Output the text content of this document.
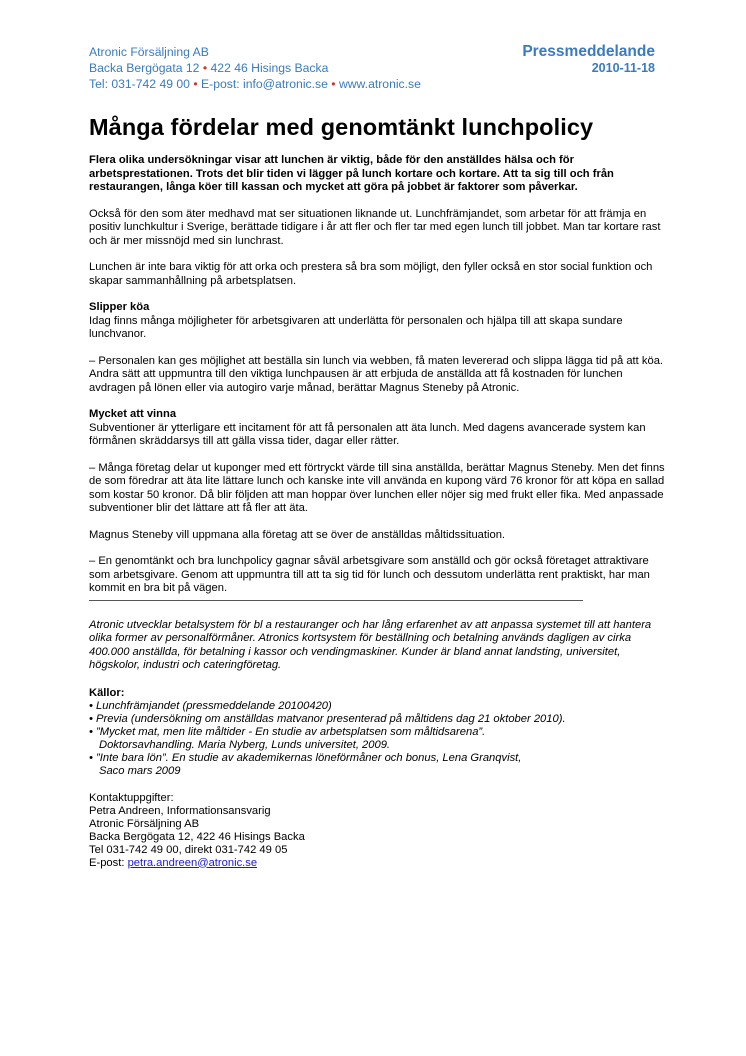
Atronic Försäljning AB
Backa Bergögata 12 • 422 46 Hisings Backa
Tel: 031-742 49 00 • E-post: info@atronic.se • www.atronic.se
Pressmeddelande
2010-11-18
Många fördelar med genomtänkt lunchpolicy
Flera olika undersökningar visar att lunchen är viktig, både för den anställdes hälsa och för arbetsprestationen. Trots det blir tiden vi lägger på lunch kortare och kortare. Att ta sig till och från restaurangen, långa köer till kassan och mycket att göra på jobbet är faktorer som påverkar.

Också för den som äter medhavd mat ser situationen liknande ut. Lunchfrämjandet, som arbetar för att främja en positiv lunchkultur i Sverige, berättade tidigare i år att fler och fler tar med egen lunch till jobbet. Man tar kortare rast och är mer missnöjd med sin lunchrast.

Lunchen är inte bara viktig för att orka och prestera så bra som möjligt, den fyller också en stor social funktion och skapar sammanhållning på arbetsplatsen.

Slipper köa

Idag finns många möjligheter för arbetsgivaren att underlätta för personalen och hjälpa till att skapa sundare lunchvanor.

– Personalen kan ges möjlighet att beställa sin lunch via webben, få maten levererad och slippa lägga tid på att köa. Andra sätt att uppmuntra till den viktiga lunchpausen är att erbjuda de anställda att få kostnaden för lunchen avdragen på lönen eller via autogiro varje månad, berättar Magnus Steneby på Atronic.

Mycket att vinna

Subventioner är ytterligare ett incitament för att få personalen att äta lunch. Med dagens avancerade system kan förmånen skräddarsys till att gälla vissa tider, dagar eller rätter.

– Många företag delar ut kuponger med ett förtryckt värde till sina anställda, berättar Magnus Steneby. Men det finns de som föredrar att äta lite lättare lunch och kanske inte vill använda en kupong värd 76 kronor för att köpa en sallad som kostar 50 kronor. Då blir följden att man hoppar över lunchen eller nöjer sig med frukt eller fika. Med anpassade subventioner blir det lättare att få fler att äta.

Magnus Steneby vill uppmana alla företag att se över de anställdas måltidssituation.

– En genomtänkt och bra lunchpolicy gagnar såväl arbetsgivare som anställd och gör också företaget attraktivare som arbetsgivare. Genom att uppmuntra till att ta sig tid för lunch och dessutom underlätta rent praktiskt, har man kommit en bra bit på vägen.

Atronic utvecklar betalsystem för bl a restauranger och har lång erfarenhet av att anpassa systemet till att hantera olika former av personalförmåner. Atronics kortsystem för beställning och betalning används dagligen av cirka 400.000 anställda, för betalning i kassor och vendingmaskiner. Kunder är bland annat landsting, universitet, högskolor, industri och cateringföretag.
Källor:
• Lunchfrämjandet (pressmeddelande 20100420)
• Previa (undersökning om anställdas matvanor presenterad på måltidens dag 21 oktober 2010).
• ”Mycket mat, men lite måltider - En studie av arbetsplatsen som måltidsarena”.
Doktorsavhandling. Maria Nyberg, Lunds universitet, 2009.
• ”Inte bara lön”. En studie av akademikernas löneförmåner och bonus, Lena Granqvist,
Saco mars 2009
Kontaktuppgifter:
Petra Andreen, Informationsansvarig
Atronic Försäljning AB
Backa Bergögata 12, 422 46 Hisings Backa
Tel 031-742 49 00, direkt 031-742 49 05
E-post: petra.andreen@atronic.se
